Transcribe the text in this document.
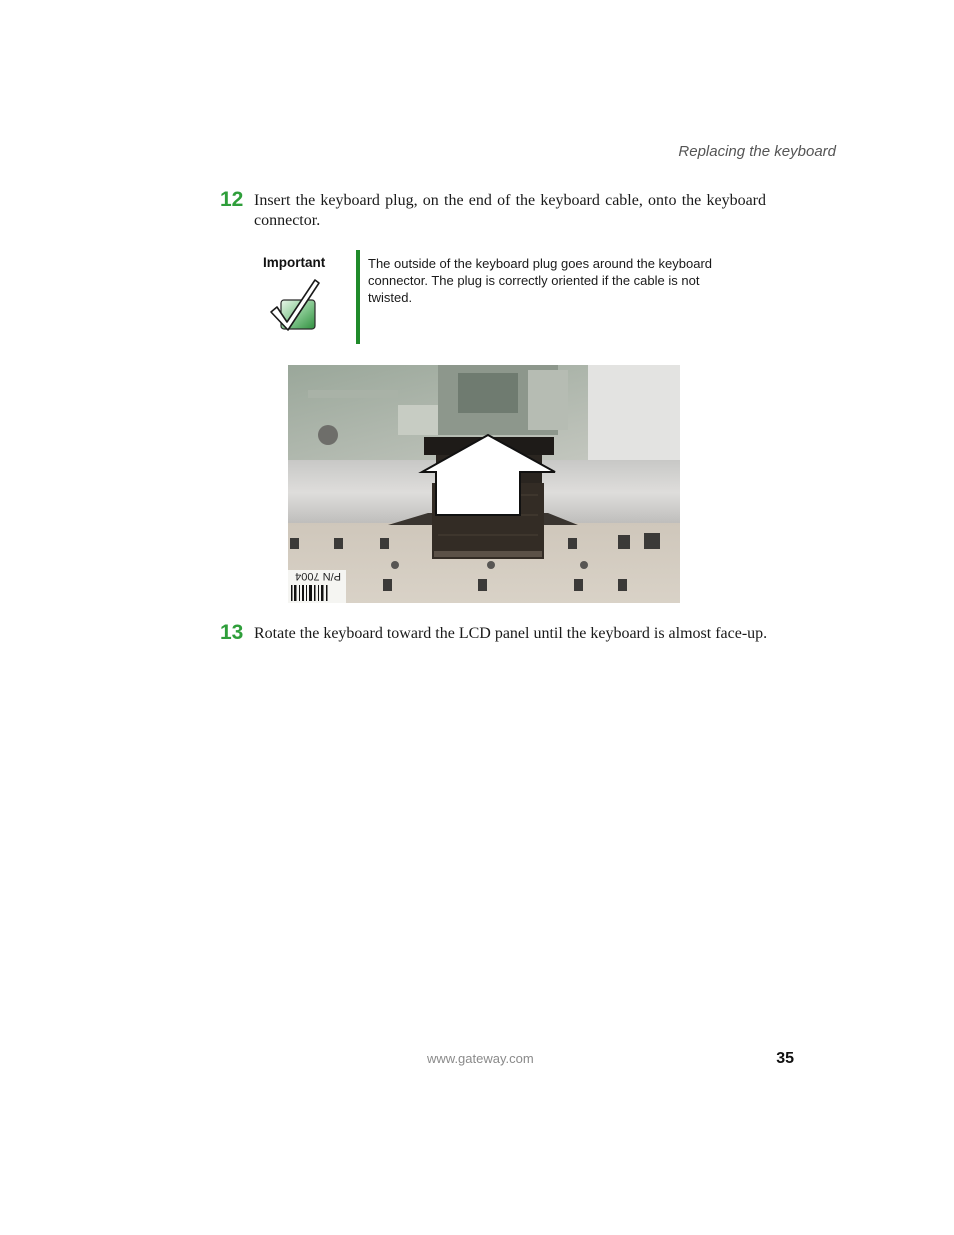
Replacing the keyboard
12 Insert the keyboard plug, on the end of the keyboard cable, onto the keyboard connector.
Important	The outside of the keyboard plug goes around the keyboard connector. The plug is correctly oriented if the cable is not twisted.
P/N 7004
13 Rotate the keyboard toward the LCD panel until the keyboard is almost face-up.
www.gateway.com	35
